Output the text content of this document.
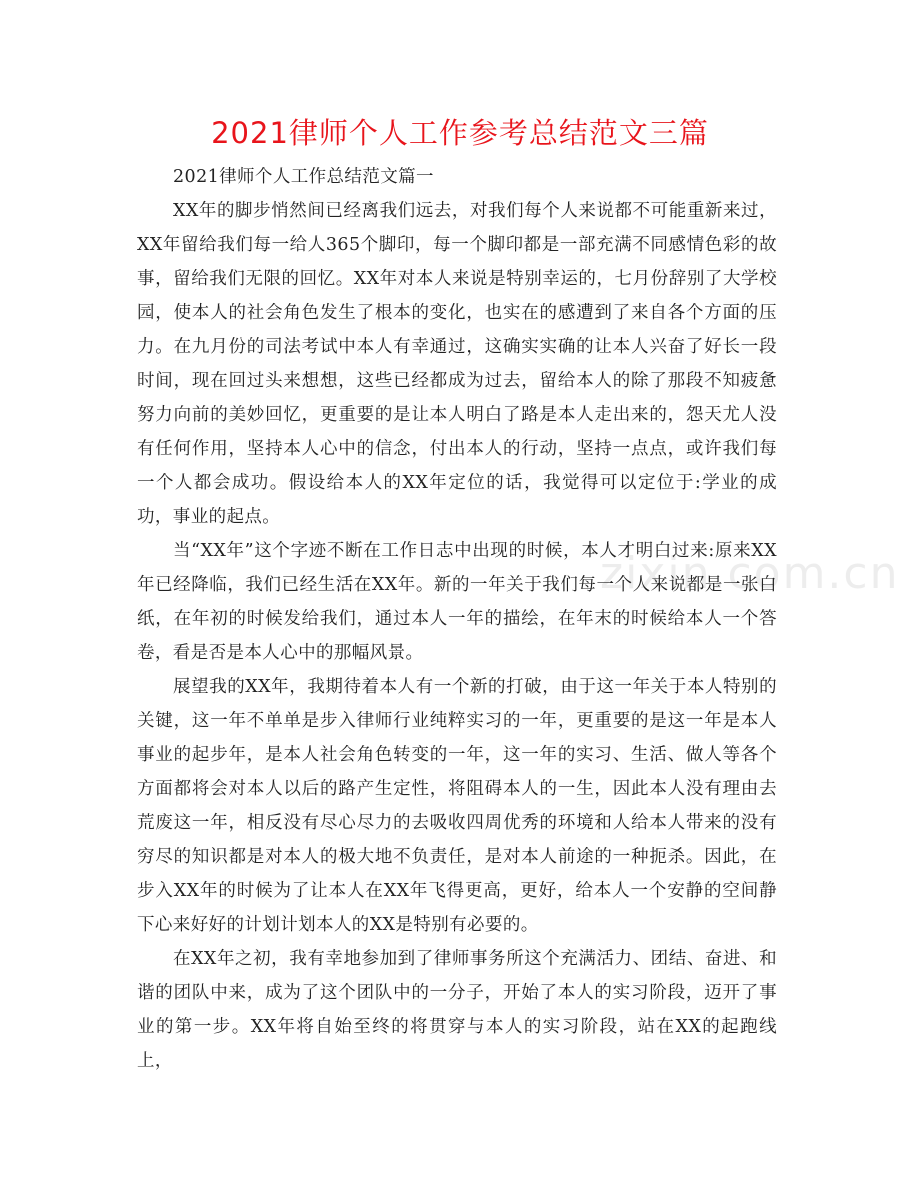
2021律师个人工作参考总结范文三篇
zixin.com.cn

2021律师个人工作总结范文篇一

XX年的脚步悄然间已经离我们远去，对我们每个人来说都不可能重新来过，XX年留给我们每一给人365个脚印，每一个脚印都是一部充满不同感情色彩的故事，留给我们无限的回忆。XX年对本人来说是特别幸运的，七月份辞别了大学校园，使本人的社会角色发生了根本的变化，也实在的感遭到了来自各个方面的压力。在九月份的司法考试中本人有幸通过，这确实实确的让本人兴奋了好长一段时间，现在回过头来想想，这些已经都成为过去，留给本人的除了那段不知疲惫努力向前的美妙回忆，更重要的是让本人明白了路是本人走出来的，怨天尤人没有任何作用，坚持本人心中的信念，付出本人的行动，坚持一点点，或许我们每一个人都会成功。假设给本人的XX年定位的话，我觉得可以定位于:学业的成功，事业的起点。

当“XX年”这个字迹不断在工作日志中出现的时候，本人才明白过来:原来XX年已经降临，我们已经生活在XX年。新的一年关于我们每一个人来说都是一张白纸，在年初的时候发给我们，通过本人一年的描绘，在年末的时候给本人一个答卷，看是否是本人心中的那幅风景。

展望我的XX年，我期待着本人有一个新的打破，由于这一年关于本人特别的关键，这一年不单单是步入律师行业纯粹实习的一年，更重要的是这一年是本人事业的起步年，是本人社会角色转变的一年，这一年的实习、生活、做人等各个方面都将会对本人以后的路产生定性，将阻碍本人的一生，因此本人没有理由去荒废这一年，相反没有尽心尽力的去吸收四周优秀的环境和人给本人带来的没有穷尽的知识都是对本人的极大地不负责任，是对本人前途的一种扼杀。因此，在步入XX年的时候为了让本人在XX年飞得更高，更好，给本人一个安静的空间静下心来好好的计划计划本人的XX是特别有必要的。

在XX年之初，我有幸地参加到了律师事务所这个充满活力、团结、奋进、和谐的团队中来，成为了这个团队中的一分子，开始了本人的实习阶段，迈开了事业的第一步。XX年将自始至终的将贯穿与本人的实习阶段，站在XX的起跑线上，
